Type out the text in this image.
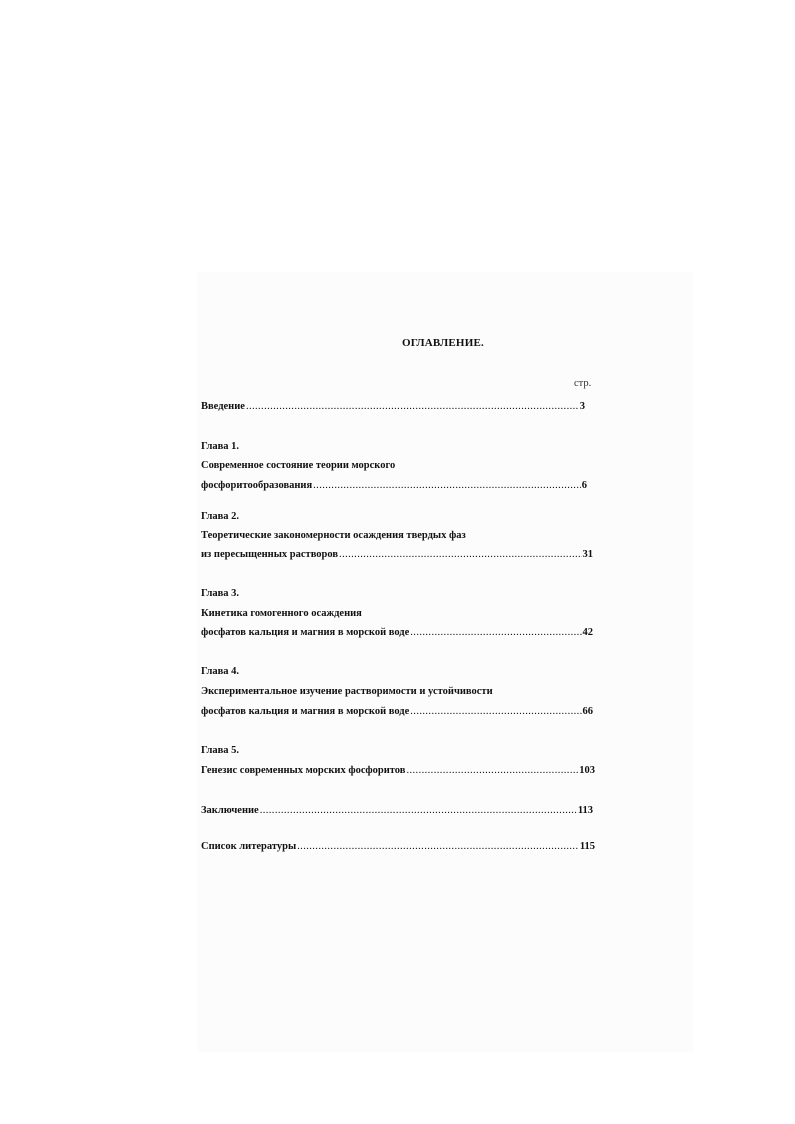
ОГЛАВЛЕНИЕ.
стр.
Введение .....	3
Глава 1.
Современное состояние теории морского
фосфоритообразования .....	6
Глава 2.
Теоретические закономерности осаждения твердых фаз
из пересыщенных растворов .....	31
Глава 3.
Кинетика гомогенного осаждения
фосфатов кальция и магния в морской воде .....	42
Глава 4.
Экспериментальное изучение растворимости и устойчивости
фосфатов кальция и магния в морской воде .....	66
Глава 5.
Генезис современных морских фосфоритов .....	103
Заключение .....	113
Список литературы .....	115
